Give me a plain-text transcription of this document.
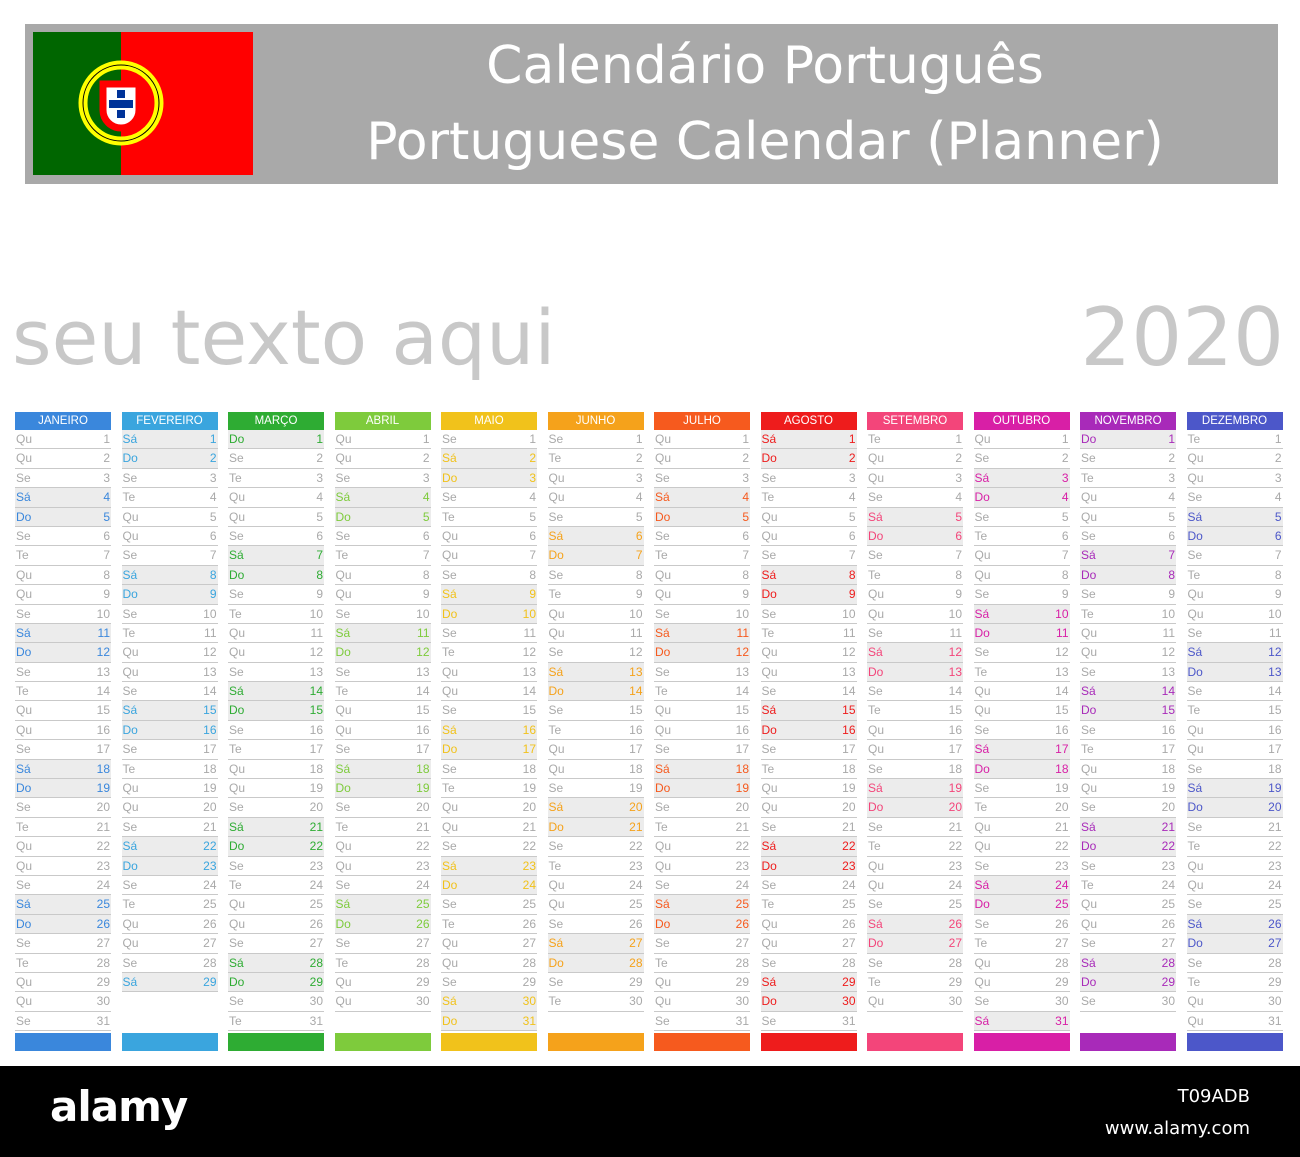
Calendário Português
Portuguese Calendar (Planner)
seu texto aqui	2020
JANEIRO
Qu	1
Qu	2
Se	3
Sá	4
Do	5
Se	6
Te	7
Qu	8
Qu	9
Se	10
Sá	11
Do	12
Se	13
Te	14
Qu	15
Qu	16
Se	17
Sá	18
Do	19
Se	20
Te	21
Qu	22
Qu	23
Se	24
Sá	25
Do	26
Se	27
Te	28
Qu	29
Qu	30
Se	31
FEVEREIRO
Sá	1
Do	2
Se	3
Te	4
Qu	5
Qu	6
Se	7
Sá	8
Do	9
Se	10
Te	11
Qu	12
Qu	13
Se	14
Sá	15
Do	16
Se	17
Te	18
Qu	19
Qu	20
Se	21
Sá	22
Do	23
Se	24
Te	25
Qu	26
Qu	27
Se	28
Sá	29
MARÇO
Do	1
Se	2
Te	3
Qu	4
Qu	5
Se	6
Sá	7
Do	8
Se	9
Te	10
Qu	11
Qu	12
Se	13
Sá	14
Do	15
Se	16
Te	17
Qu	18
Qu	19
Se	20
Sá	21
Do	22
Se	23
Te	24
Qu	25
Qu	26
Se	27
Sá	28
Do	29
Se	30
Te	31
ABRIL
Qu	1
Qu	2
Se	3
Sá	4
Do	5
Se	6
Te	7
Qu	8
Qu	9
Se	10
Sá	11
Do	12
Se	13
Te	14
Qu	15
Qu	16
Se	17
Sá	18
Do	19
Se	20
Te	21
Qu	22
Qu	23
Se	24
Sá	25
Do	26
Se	27
Te	28
Qu	29
Qu	30
MAIO
Se	1
Sá	2
Do	3
Se	4
Te	5
Qu	6
Qu	7
Se	8
Sá	9
Do	10
Se	11
Te	12
Qu	13
Qu	14
Se	15
Sá	16
Do	17
Se	18
Te	19
Qu	20
Qu	21
Se	22
Sá	23
Do	24
Se	25
Te	26
Qu	27
Qu	28
Se	29
Sá	30
Do	31
JUNHO
Se	1
Te	2
Qu	3
Qu	4
Se	5
Sá	6
Do	7
Se	8
Te	9
Qu	10
Qu	11
Se	12
Sá	13
Do	14
Se	15
Te	16
Qu	17
Qu	18
Se	19
Sá	20
Do	21
Se	22
Te	23
Qu	24
Qu	25
Se	26
Sá	27
Do	28
Se	29
Te	30
JULHO
Qu	1
Qu	2
Se	3
Sá	4
Do	5
Se	6
Te	7
Qu	8
Qu	9
Se	10
Sá	11
Do	12
Se	13
Te	14
Qu	15
Qu	16
Se	17
Sá	18
Do	19
Se	20
Te	21
Qu	22
Qu	23
Se	24
Sá	25
Do	26
Se	27
Te	28
Qu	29
Qu	30
Se	31
AGOSTO
Sá	1
Do	2
Se	3
Te	4
Qu	5
Qu	6
Se	7
Sá	8
Do	9
Se	10
Te	11
Qu	12
Qu	13
Se	14
Sá	15
Do	16
Se	17
Te	18
Qu	19
Qu	20
Se	21
Sá	22
Do	23
Se	24
Te	25
Qu	26
Qu	27
Se	28
Sá	29
Do	30
Se	31
SETEMBRO
Te	1
Qu	2
Qu	3
Se	4
Sá	5
Do	6
Se	7
Te	8
Qu	9
Qu	10
Se	11
Sá	12
Do	13
Se	14
Te	15
Qu	16
Qu	17
Se	18
Sá	19
Do	20
Se	21
Te	22
Qu	23
Qu	24
Se	25
Sá	26
Do	27
Se	28
Te	29
Qu	30
OUTUBRO
Qu	1
Se	2
Sá	3
Do	4
Se	5
Te	6
Qu	7
Qu	8
Se	9
Sá	10
Do	11
Se	12
Te	13
Qu	14
Qu	15
Se	16
Sá	17
Do	18
Se	19
Te	20
Qu	21
Qu	22
Se	23
Sá	24
Do	25
Se	26
Te	27
Qu	28
Qu	29
Se	30
Sá	31
NOVEMBRO
Do	1
Se	2
Te	3
Qu	4
Qu	5
Se	6
Sá	7
Do	8
Se	9
Te	10
Qu	11
Qu	12
Se	13
Sá	14
Do	15
Se	16
Te	17
Qu	18
Qu	19
Se	20
Sá	21
Do	22
Se	23
Te	24
Qu	25
Qu	26
Se	27
Sá	28
Do	29
Se	30
DEZEMBRO
Te	1
Qu	2
Qu	3
Se	4
Sá	5
Do	6
Se	7
Te	8
Qu	9
Qu	10
Se	11
Sá	12
Do	13
Se	14
Te	15
Qu	16
Qu	17
Se	18
Sá	19
Do	20
Se	21
Te	22
Qu	23
Qu	24
Se	25
Sá	26
Do	27
Se	28
Te	29
Qu	30
Qu	31
alamy	T09ADB
www.alamy.com
